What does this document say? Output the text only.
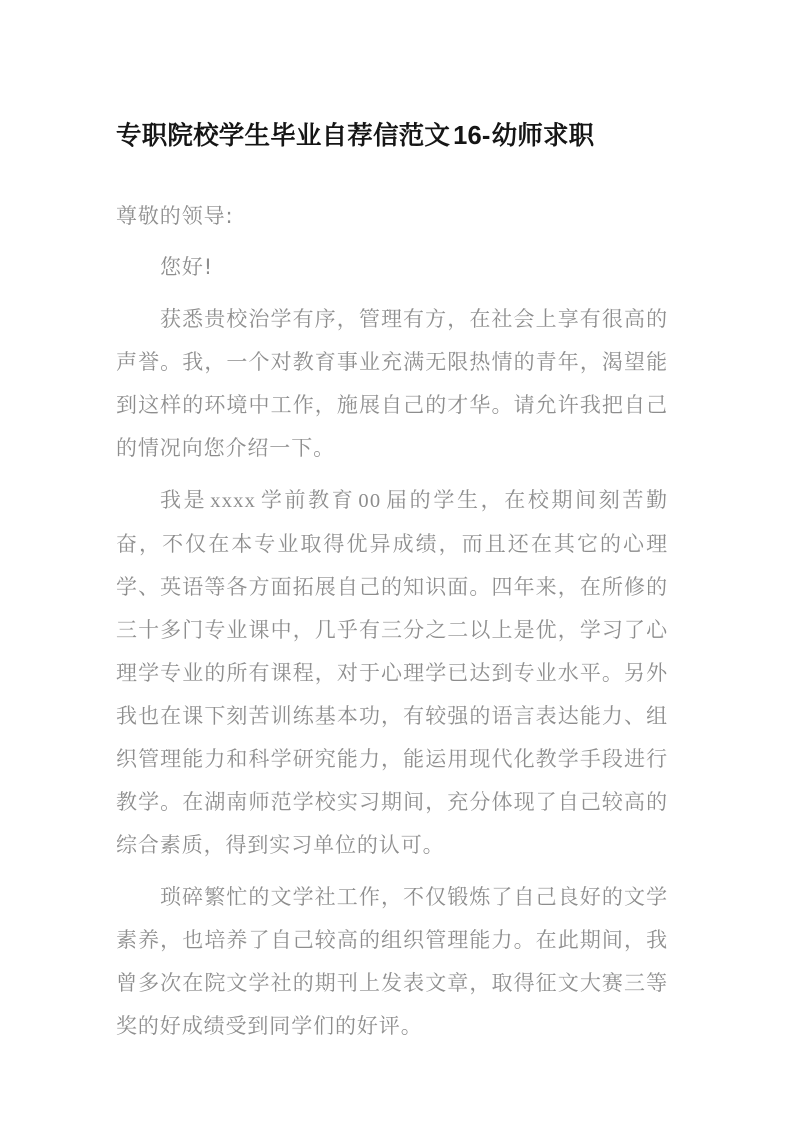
专职院校学生毕业自荐信范文 16-幼师求职

尊敬的领导:

您好!

获悉贵校治学有序，管理有方，在社会上享有很高的声誉。我，一个对教育事业充满无限热情的青年，渴望能到这样的环境中工作，施展自己的才华。请允许我把自己的情况向您介绍一下。

我是 xxxx 学前教育 00 届的学生，在校期间刻苦勤奋，不仅在本专业取得优异成绩，而且还在其它的心理学、英语等各方面拓展自己的知识面。四年来，在所修的三十多门专业课中，几乎有三分之二以上是优，学习了心理学专业的所有课程，对于心理学已达到专业水平。另外我也在课下刻苦训练基本功，有较强的语言表达能力、组织管理能力和科学研究能力，能运用现代化教学手段进行教学。在湖南师范学校实习期间，充分体现了自己较高的综合素质，得到实习单位的认可。

琐碎繁忙的文学社工作，不仅锻炼了自己良好的文学素养，也培养了自己较高的组织管理能力。在此期间，我曾多次在院文学社的期刊上发表文章，取得征文大赛三等奖的好成绩受到同学们的好评。
